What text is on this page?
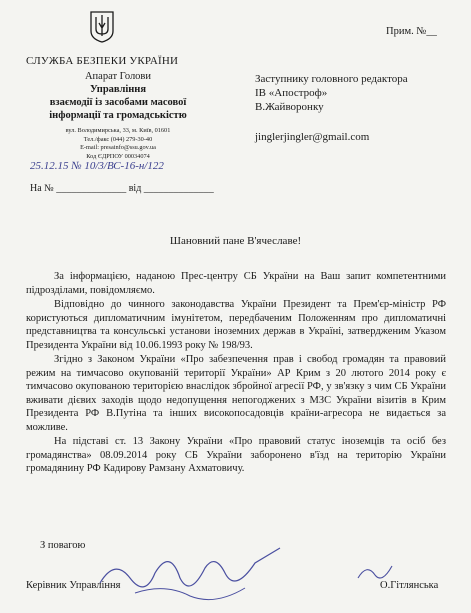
Прим. №__
СЛУЖБА БЕЗПЕКИ УКРАЇНИ
Апарат Голови
Управління
взаємодії із засобами масової
інформації та громадськістю
вул. Володимирська, 33, м. Київ, 01601
Тел./факс (044) 279-30-40
E-mail: presainfo@ssu.gov.ua
Код ЄДРПОУ 00034074
25.12.15 № 10/3/ВС-16-н/122
На № ______________ від ______________
Заступнику головного редактора
IB «Апостроф»
В.Жайворонку
jinglerjingler@gmail.com
Шановний пане В'ячеславе!

За інформацією, наданою Прес-центру СБ України на Ваш запит компетентними підрозділами, повідомляємо.

Відповідно до чинного законодавства України Президент та Прем'єр-міністр РФ користуються дипломатичним імунітетом, передбаченим Положенням про дипломатичні представництва та консульські установи іноземних держав в Україні, затвердженим Указом Президента України від 10.06.1993 року № 198/93.

Згідно з Законом України «Про забезпечення прав і свобод громадян та правовий режим на тимчасово окупованій території України» АР Крим з 20 лютого 2014 року є тимчасово окупованою територією внаслідок збройної агресії РФ, у зв'язку з чим СБ України вживати дієвих заходів щодо недопущення непогоджених з МЗС України візитів в Крим Президента РФ В.Путіна та інших високопосадовців країни-агресора не видається за можливе.

На підставі ст. 13 Закону України «Про правовий статус іноземців та осіб без громадянства» 08.09.2014 року СБ України заборонено в'їзд на територію України громадянину РФ Кадирову Рамзану Ахматовичу.

З повагою
Керівник Управління	О.Гітлянська
